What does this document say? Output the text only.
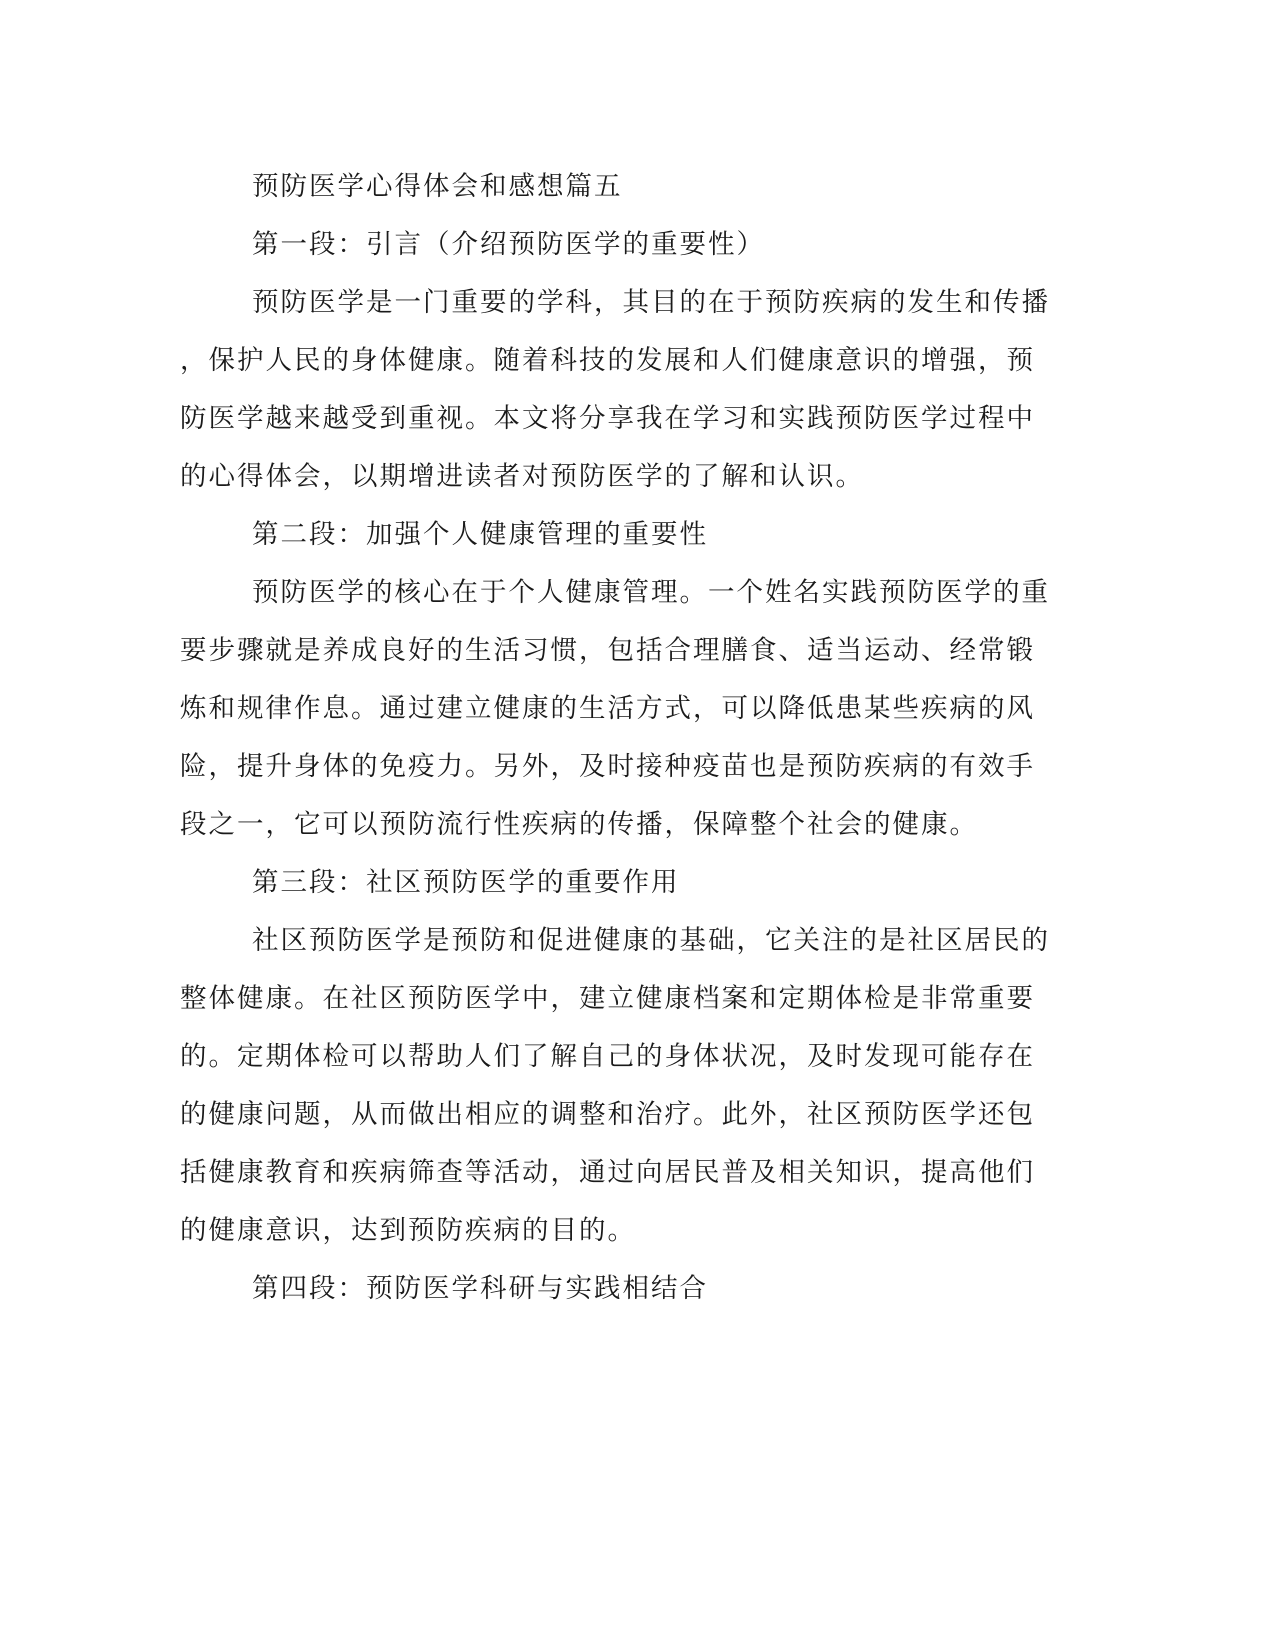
预防医学心得体会和感想篇五
第一段：引言（介绍预防医学的重要性）
预防医学是一门重要的学科，其目的在于预防疾病的发生和传播
，保护人民的身体健康。随着科技的发展和人们健康意识的增强，预
防医学越来越受到重视。本文将分享我在学习和实践预防医学过程中
的心得体会，以期增进读者对预防医学的了解和认识。
第二段：加强个人健康管理的重要性
预防医学的核心在于个人健康管理。一个姓名实践预防医学的重
要步骤就是养成良好的生活习惯，包括合理膳食、适当运动、经常锻
炼和规律作息。通过建立健康的生活方式，可以降低患某些疾病的风
险，提升身体的免疫力。另外，及时接种疫苗也是预防疾病的有效手
段之一，它可以预防流行性疾病的传播，保障整个社会的健康。
第三段：社区预防医学的重要作用
社区预防医学是预防和促进健康的基础，它关注的是社区居民的
整体健康。在社区预防医学中，建立健康档案和定期体检是非常重要
的。定期体检可以帮助人们了解自己的身体状况，及时发现可能存在
的健康问题，从而做出相应的调整和治疗。此外，社区预防医学还包
括健康教育和疾病筛查等活动，通过向居民普及相关知识，提高他们
的健康意识，达到预防疾病的目的。
第四段：预防医学科研与实践相结合
